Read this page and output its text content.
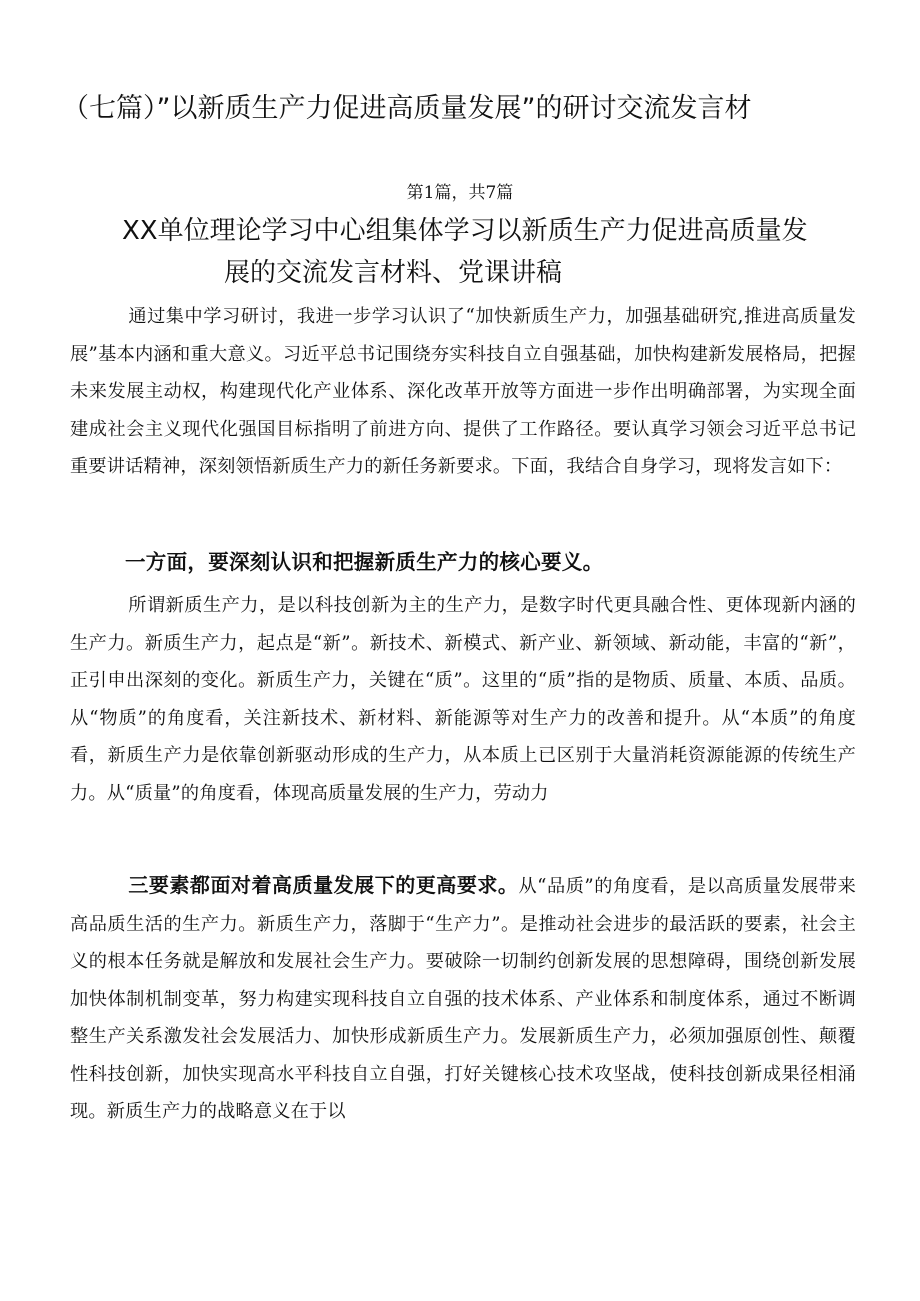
（七篇）”以新质生产力促进高质量发展”的研讨交流发言材
第1篇，共7篇
XX单位理论学习中心组集体学习以新质生产力促进高质量发
展的交流发言材料、党课讲稿

通过集中学习研讨，我进一步学习认识了“加快新质生产力，加强基础研究,推进高质量发展”基本内涵和重大意义。习近平总书记围绕夯实科技自立自强基础，加快构建新发展格局，把握未来发展主动权，构建现代化产业体系、深化改革开放等方面进一步作出明确部署，为实现全面建成社会主义现代化强国目标指明了前进方向、提供了工作路径。要认真学习领会习近平总书记重要讲话精神，深刻领悟新质生产力的新任务新要求。下面，我结合自身学习，现将发言如下：

一方面，要深刻认识和把握新质生产力的核心要义。

所谓新质生产力，是以科技创新为主的生产力，是数字时代更具融合性、更体现新内涵的生产力。新质生产力，起点是“新”。新技术、新模式、新产业、新领域、新动能，丰富的“新”，正引申出深刻的变化。新质生产力，关键在“质”。这里的“质”指的是物质、质量、本质、品质。从“物质”的角度看，关注新技术、新材料、新能源等对生产力的改善和提升。从“本质”的角度看，新质生产力是依靠创新驱动形成的生产力，从本质上已区别于大量消耗资源能源的传统生产力。从“质量”的角度看，体现高质量发展的生产力，劳动力

三要素都面对着高质量发展下的更高要求。从“品质”的角度看，是以高质量发展带来高品质生活的生产力。新质生产力，落脚于“生产力”。是推动社会进步的最活跃的要素，社会主义的根本任务就是解放和发展社会生产力。要破除一切制约创新发展的思想障碍，围绕创新发展加快体制机制变革，努力构建实现科技自立自强的技术体系、产业体系和制度体系，通过不断调整生产关系激发社会发展活力、加快形成新质生产力。发展新质生产力，必须加强原创性、颠覆性科技创新，加快实现高水平科技自立自强，打好关键核心技术攻坚战，使科技创新成果径相涌现。新质生产力的战略意义在于以
